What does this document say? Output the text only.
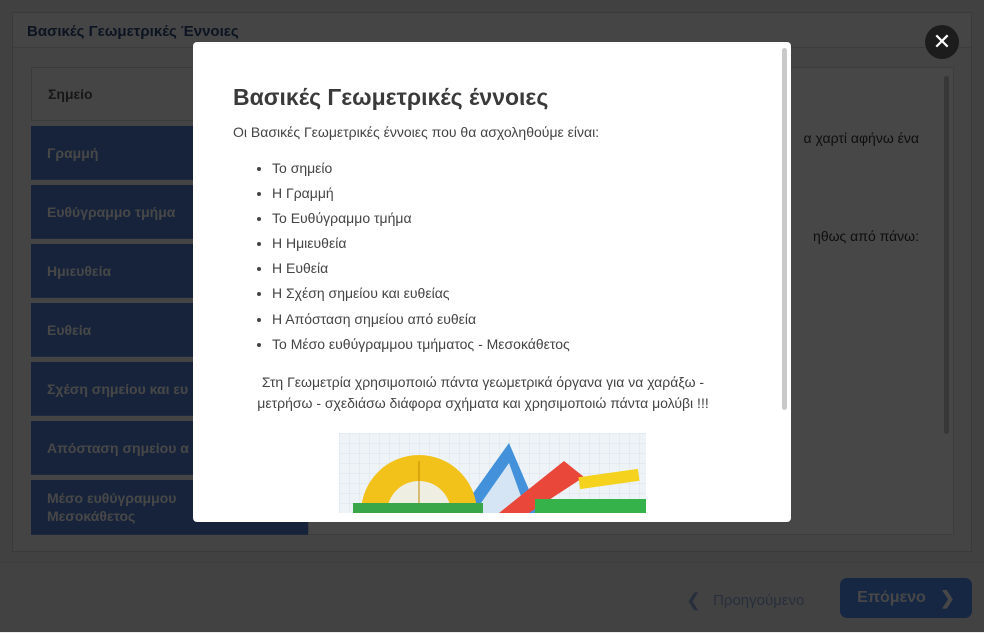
✕
Βασικές Γεωμετρικές έννοιες
Οι Βασικές Γεωμετρικές έννοιες που θα ασχοληθούμε είναι:
• Το σημείο
• Η Γραμμή
• Το Ευθύγραμμο τμήμα
• Η Ημιευθεία
• Η Ευθεία
• Η Σχέση σημείου και ευθείας
• Η Απόσταση σημείου από ευθεία
• Το Μέσο ευθύγραμμου τμήματος - Μεσοκάθετος
Στη Γεωμετρία χρησιμοποιώ πάντα γεωμετρικά όργανα για να χαράξω -
μετρήσω - σχεδιάσω διάφορα σχήματα και χρησιμοποιώ πάντα μολύβι !!!
